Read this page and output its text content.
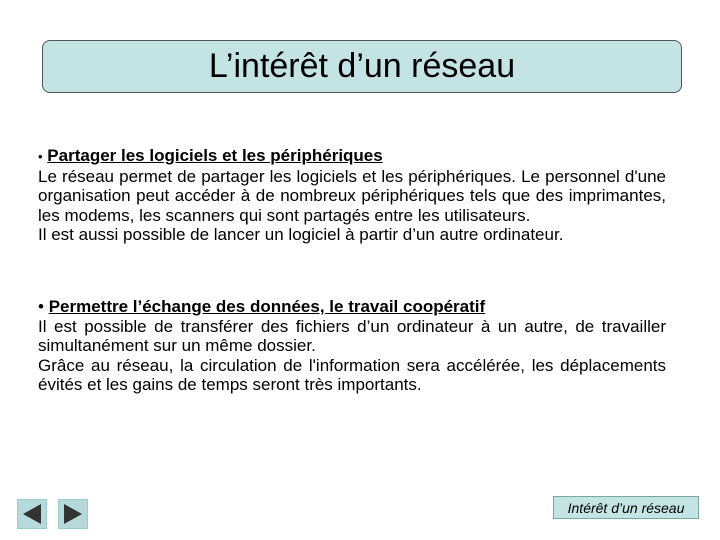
L’intérêt d’un réseau
• Partager les logiciels et les périphériques
Le réseau permet de partager les logiciels et les périphériques. Le personnel d'une organisation peut accéder à de nombreux périphériques tels que des imprimantes, les modems, les scanners qui sont partagés entre les utilisateurs.
Il est aussi possible de lancer un logiciel à partir d’un autre ordinateur.
• Permettre l’échange des données, le travail coopératif
Il est possible de transférer des fichiers d’un ordinateur à un autre, de travailler simultanément sur un même dossier.
Grâce au réseau, la circulation de l'information sera accélérée, les déplacements évités et les gains de temps seront très importants.
Intérêt d’un réseau
